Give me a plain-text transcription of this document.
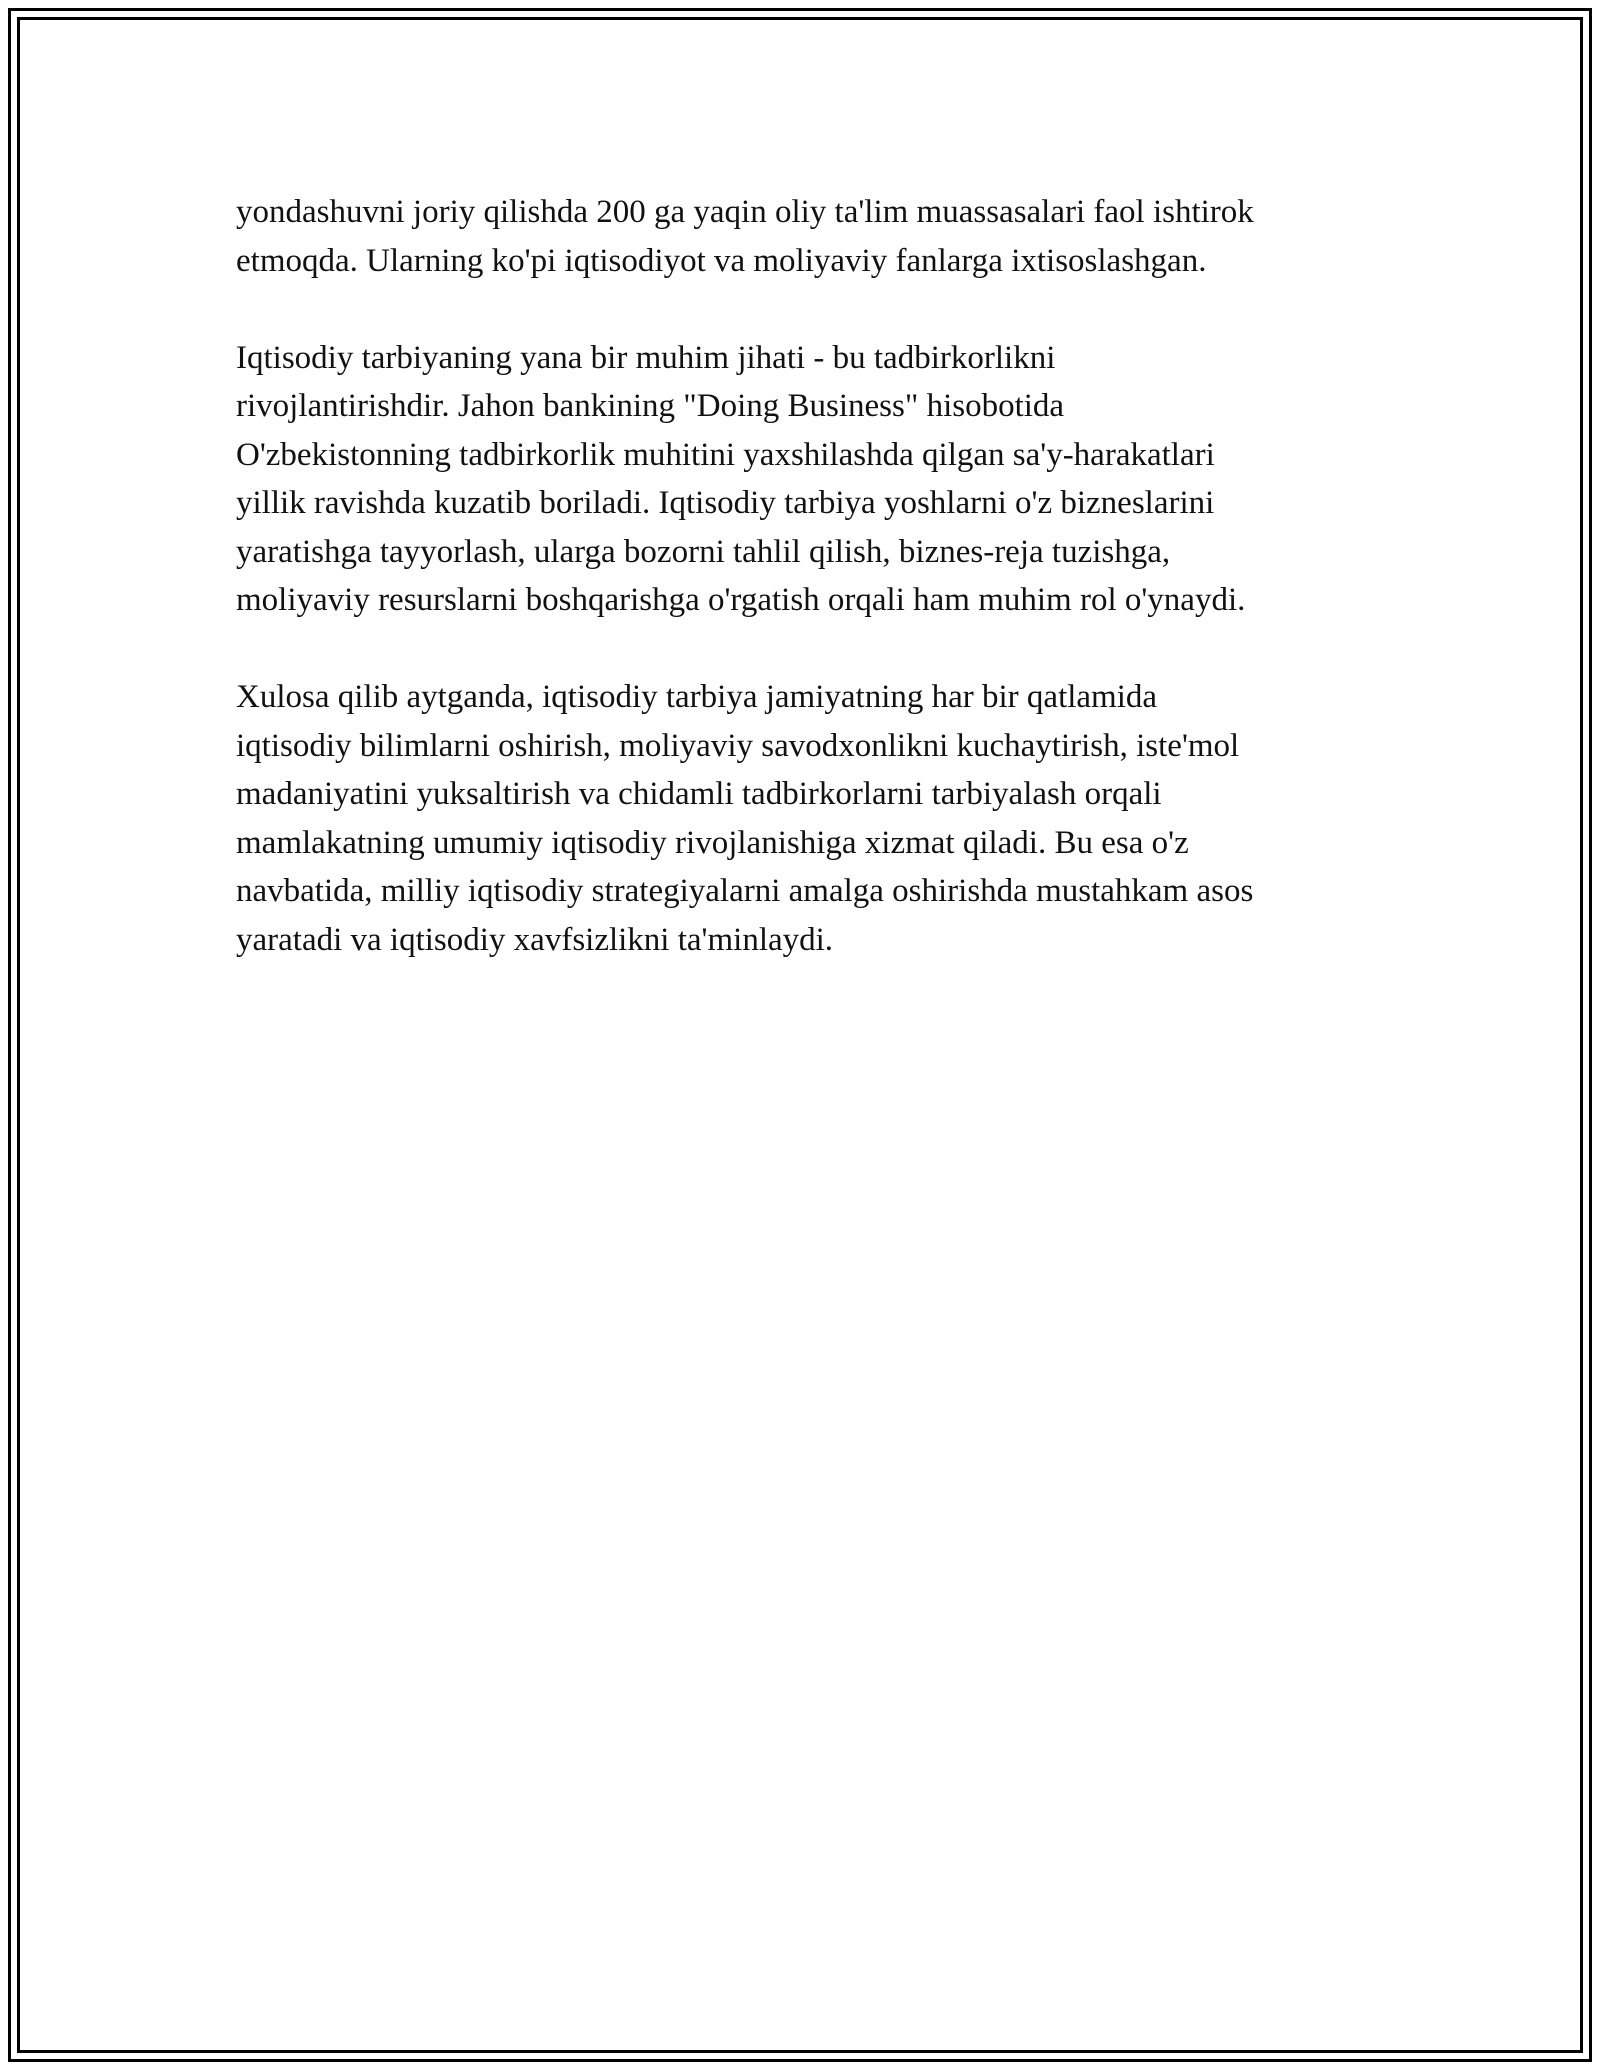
yondashuvni joriy qilishda 200 ga yaqin oliy ta'lim muassasalari faol ishtirok
etmoqda. Ularning ko'pi iqtisodiyot va moliyaviy fanlarga ixtisoslashgan.

Iqtisodiy tarbiyaning yana bir muhim jihati - bu tadbirkorlikni
rivojlantirishdir. Jahon bankining "Doing Business" hisobotida
O'zbekistonning tadbirkorlik muhitini yaxshilashda qilgan sa'y-harakatlari
yillik ravishda kuzatib boriladi. Iqtisodiy tarbiya yoshlarni o'z bizneslarini
yaratishga tayyorlash, ularga bozorni tahlil qilish, biznes-reja tuzishga,
moliyaviy resurslarni boshqarishga o'rgatish orqali ham muhim rol o'ynaydi.

Xulosa qilib aytganda, iqtisodiy tarbiya jamiyatning har bir qatlamida
iqtisodiy bilimlarni oshirish, moliyaviy savodxonlikni kuchaytirish, iste'mol
madaniyatini yuksaltirish va chidamli tadbirkorlarni tarbiyalash orqali
mamlakatning umumiy iqtisodiy rivojlanishiga xizmat qiladi. Bu esa o'z
navbatida, milliy iqtisodiy strategiyalarni amalga oshirishda mustahkam asos
yaratadi va iqtisodiy xavfsizlikni ta'minlaydi.
